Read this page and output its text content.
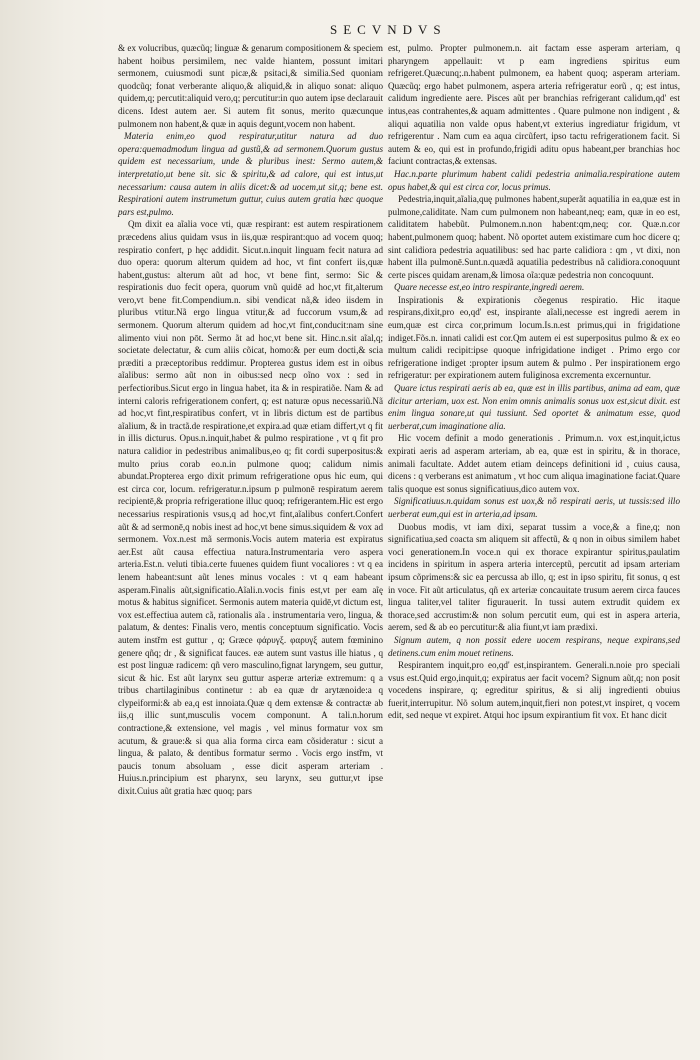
SECVNDVS

& ex volucribus, quæcũq; linguæ & genarum compositionem & speciem habent hoibus persimilem, nec valde hiantem, possunt imitari sermonem, cuiusmodi sunt picæ,& psitaci,& similia.Sed quoniam quodcũq; fonat verberante aliquo,& aliquid,& in aliquo sonat: aliquo quidem,q; percutit:aliquid vero,q; percutitur:in quo autem ipse declarauit dicens. Idest autem aer. Si autem fit sonus, merito quæcunque pulmonem non habent,& quæ in aquis degunt,vocem non habent.

Materia enim,eo quod respiratur,utitur natura ad duo opera:quemadmodum lingua ad gustũ,& ad sermonem.Quorum gustus quidem est necessarium, unde & pluribus inest: Sermo autem,& interpretatio,ut bene sit. sic & spiritu,& ad calore, qui est intus,ut necessarium: causa autem in aliis dicet:& ad uocem,ut sit,q; bene est. Respirationi autem instrumetum guttur, cuius autem gratia hæc quoque pars est,pulmo.

Qm dixit ea aĩalia voce vti, quæ respirant: est autem respirationem præcedens alius quidam vsus in iis,quæ respirant:quo ad vocem quoq; respiratio confert, p hęc addidit. Sicut.n.inquit linguam fecit natura ad duo opera: quorum alterum quidem ad hoc, vt fint confert iis,quæ habent,gustus: alterum aũt ad hoc, vt bene fint, sermo: Sic & respirationis duo fecit opera, quorum vnũ quidē ad hoc,vt fit,alterum vero,vt bene fit.Compendium.n. sibi vendicat nã,& ideo iisdem in pluribus vtitur.Nã ergo lingua vtitur,& ad fuccorum vsum,& ad sermonem. Quorum alterum quidem ad hoc,vt fint,conducit:nam sine alimento viui non pōt. Sermo ãt ad hoc,vt bene sit. Hinc.n.sit aĩal,q; societate delectatur, & cum aliis cõicat, homo:& per eum docti,& scia præditi a præceptoribus reddimur. Propterea gustus idem est in oibus aĩalibus: sermo aũt non in oibus:sed necp oĩno vox : sed in perfectioribus.Sicut ergo in lingua habet, ita & in respiratiõe. Nam & ad interni caloris refrigerationem confert, q; est naturæ opus necessariũ.Nã ad hoc,vt fint,respiratibus confert, vt in libris dictum est de partibus aĩalium, & in tractã.de respiratione,et expira.ad quæ etiam differt,vt q fit in illis dicturus. Opus.n.inquit,habet & pulmo respiratione , vt q fit pro natura calidior in pedestribus animalibus,eo q; fit cordi superpositus:& multo prius corab eo.n.in pulmone quoq; calidum nimis abundat.Propterea ergo dixit primum refrigeratione opus hic eum, qui est circa cor, locum. refrigeratur.n.ipsum p pulmonē respiratum aerem recipientē,& propria refrigeratione illuc quoq; refrigerantem.Hic est ergo necessarius respirationis vsus,q ad hoc,vt fint,aĩalibus confert.Confert aũt & ad sermonē,q nobis inest ad hoc,vt bene simus.siquidem & vox ad sermonem. Vox.n.est mã sermonis.Vocis autem materia est expiratus aer.Est aũt causa effectiua natura.Instrumentaria vero aspera arteria.Est.n. veluti tibia.certe fuuenes quidem fiunt vocaliores : vt q ea lenem habeant:sunt aũt lenes minus vocales : vt q eam habeant asperam.Finalis aũt,significatio.Aĩali.n.vocis finis est,vt per eam aĩę motus & habitus significet. Sermonis autem materia quidē,vt dictum est, vox est.effectiua autem cã, rationalis aĩa . instrumentaria vero, lingua, & palatum, & dentes: Finalis vero, mentis conceptuum significatio. Vocis autem instřm est guttur , q; Græce φάρυγξ. φαρυγξ autem fœminino genere qñq; dr , & significat fauces. eæ autem sunt vastus ille hiatus , q est post linguæ radicem: qñ vero masculino,fignat laryngem, seu guttur, sicut & hic. Est aũt larynx seu guttur asperæ arteriæ extremum: q a tribus chartilaginibus continetur : ab ea quæ dr arytænoide:a q clypeiformi:& ab ea,q est innoiata.Quæ q dem extensæ & contractæ ab iis,q illic sunt,musculis vocem componunt. A tali.n.horum contractione,& extensione, vel magis , vel minus formatur vox sm acutum, & graue:& si qua alia forma circa eam cõsideratur : sicut a lingua, & palato, & dentibus formatur sermo . Vocis ergo instřm, vt paucis tonum absoluam , esse dicit asperam arteriam . Huius.n.principium est pharynx, seu larynx, seu guttur,vt ipse dixit.Cuius aũt gratia hæc quoq; pars

est, pulmo. Propter pulmonem.n. ait factam esse asperam arteriam, q pharyngem appellauit: vt p eam ingrediens spiritus eum refrigeret.Quæcunq;.n.habent pulmonem, ea habent quoq; asperam arteriam. Quæcũq; ergo habet pulmonem, aspera arteria refrigeratur eorũ , q; est intus, calidum ingrediente aere. Pisces aũt per branchias refrigerant calidum,qd' est intus,eas contrahentes,& aquam admittentes . Quare pulmone non indigent , & aliqui aquatilia non valde opus habent,vt exterius ingrediatur frigidum, vt refrigerentur . Nam cum ea aqua circũfert, ipso tactu refrigerationem facit. Si autem & eo, qui est in profundo,frigidi aditu opus habeant,per branchias hoc faciunt contractas,& extensas.

Hac.n.parte plurimum habent calidi pedestria animalia.respiratione autem opus habet,& qui est circa cor, locus primus.

Pedestria,inquit,aĩalia,quę pulmones habent,superãt aquatilia in ea,quæ est in pulmone,caliditate. Nam cum pulmonem non habeant,neq; eam, quæ in eo est, caliditatem habebũt. Pulmonem.n.non habent:qm,neq; cor. Quæ.n.cor habent,pulmonem quoq; habent. Nõ oportet autem existimare cum hoc dicere q; sint calidiora pedestria aquatilibus: sed hac parte calidiora : qm , vt dixi, non habent illa pulmonē.Sunt.n.quædã aquatilia pedestribus nã calidiora.conoquunt certe pisces quidam arenam,& limosa oĩa:quæ pedestria non concoquunt.

Quare necesse est,eo intro respirante,ingredi aerem.

Inspirationis & expirationis cõegenus respiratio. Hic itaque respirans,dixit,pro eo,qd' est, inspirante aĩali,necesse est ingredi aerem in eum,quæ est circa cor,primum locum.Is.n.est primus,qui in frigidatione indiget.Fõs.n. innati calidi est cor.Qm autem ei est superpositus pulmo & ex eo multum calidi recipit:ipse quoque infrigidatione indiget . Primo ergo cor refrigeratione indiget :propter ipsum autem & pulmo . Per inspirationem ergo refrigeratur: per expirationem autem fuliginosa excrementa excernuntur.

Quare ictus respirati aeris ab ea, quæ est in illis partibus, anima ad eam, quæ dicitur arteriam, uox est. Non enim omnis animalis sonus uox est,sicut dixit. est enim lingua sonare,ut qui tussiunt. Sed oportet & animatum esse, quod uerberat,cum imaginatione alia.

Hic vocem definit a modo generationis . Primum.n. vox est,inquit,ictus expirati aeris ad asperam arteriam, ab ea, quæ est in spiritu, & in thorace, animali facultate. Addet autem etiam deinceps definitioni id , cuius causa, dicens : q verberans est animatum , vt hoc cum aliqua imaginatione faciat.Quare talis quoque est sonus significatiuus,dico autem vox.

Significatiuus.n.quidam sonus est uox,& nõ respirati aeris, ut tussis:sed illo uerberat eum,qui est in arteria,ad ipsam.

Duobus modis, vt iam dixi, separat tussim a voce,& a fine,q; non significatiua,sed coacta sm aliquem sit affectũ, & q non in oibus similem habet voci generationem.In voce.n qui ex thorace expirantur spiritus,paulatim incidens in spiritum in aspera arteria interceptũ, percutit ad ipsam arteriam ipsum cõprimens:& sic ea percussa ab illo, q; est in ipso spiritu, fit sonus, q est in voce. Fit aũt articulatus, qñ ex arteriæ concauitate trusum aerem circa fauces lingua taliter,vel taliter figurauerit. In tussi autem extrudit quidem ex thorace,sed accrustim:& non solum percutit eum, qui est in aspera arteria, aerem, sed & ab eo percutitur:& alia fiunt,vt iam prædixi.

Signum autem, q non possit edere uocem respirans, neque expirans,sed detinens.cum enim mouet retinens.

Respirantem inquit,pro eo,qd' est,inspirantem. Generali.n.noie pro speciali vsus est.Quid ergo,inquit,q; expiratus aer facit vocem? Signum aũt,q; non posit vocedens inspirare, q; egreditur spiritus, & si alij ingredienti obuius fuerit,interrupitur. Nõ solum autem,inquit,fieri non potest,vt inspiret, q vocem edit, sed neque vt expiret. Atqui hoc ipsum expirantium fit vox. Et hanc dicit
